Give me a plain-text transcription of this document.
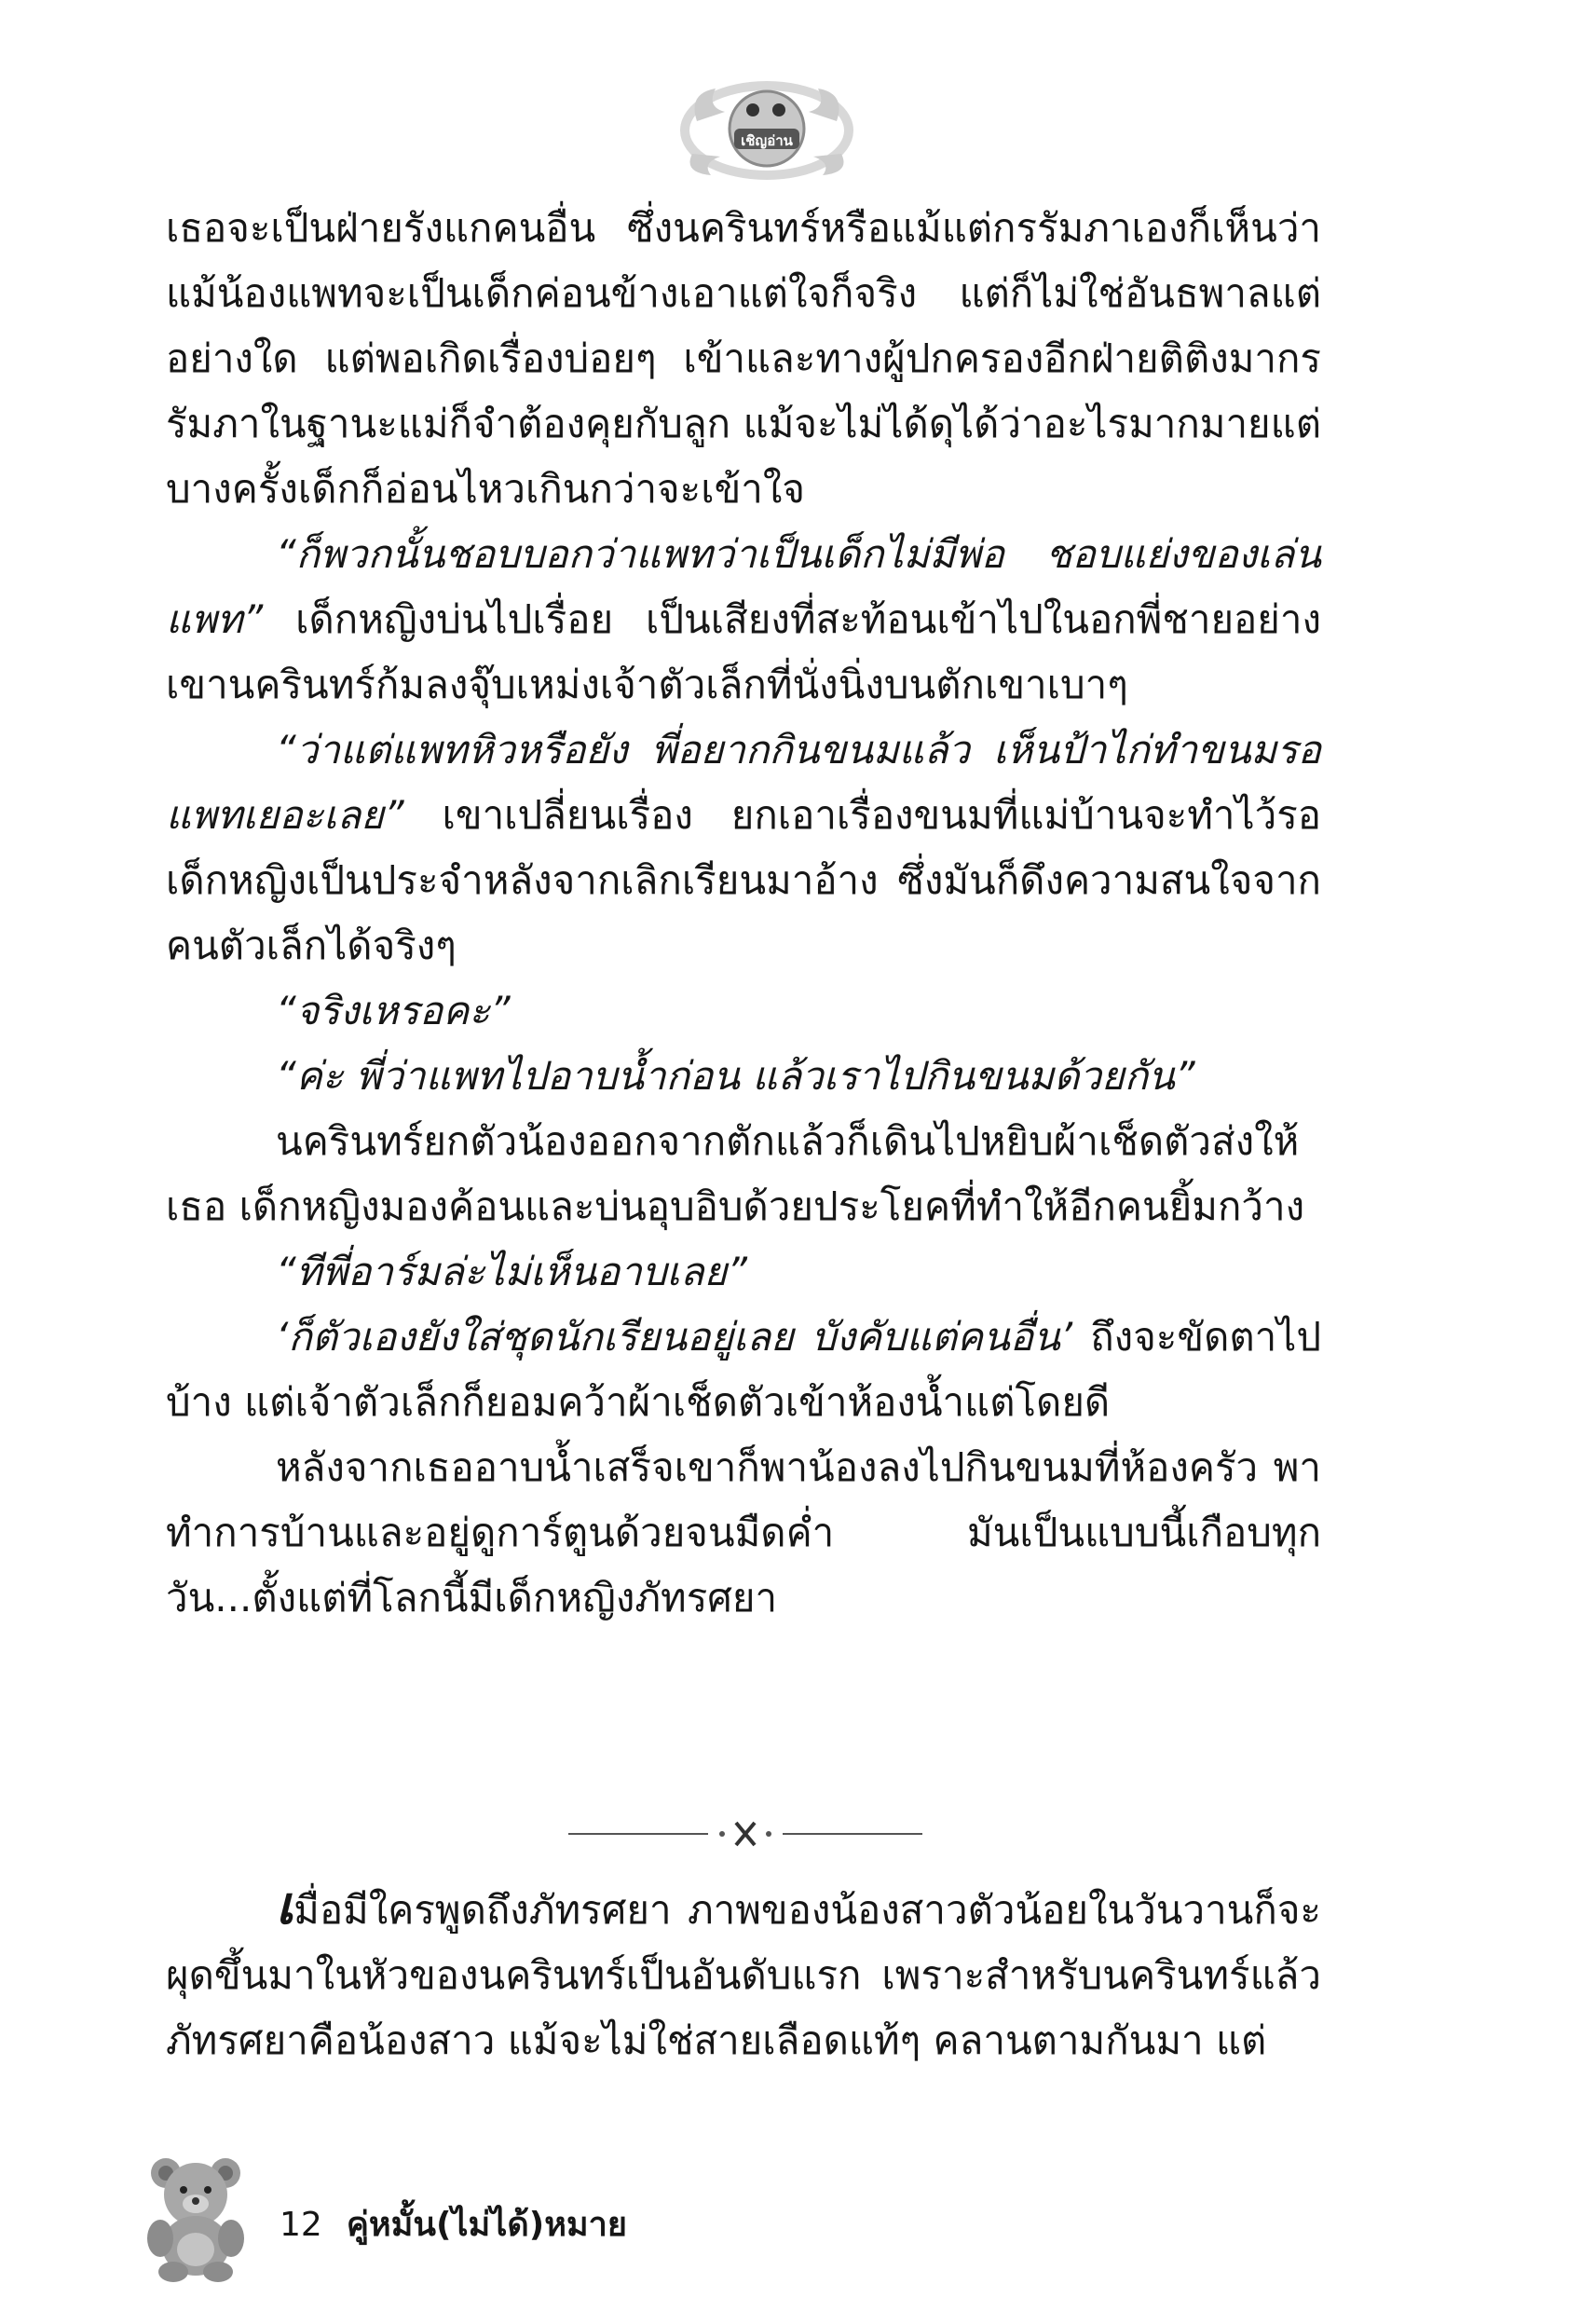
เชิญอ่าน

เธอจะเป็นฝ่ายรังแกคนอื่น ซึ่งนครินทร์หรือแม้แต่กรรัมภาเองก็เห็นว่าแม้น้องแพทจะเป็นเด็กค่อนข้างเอาแต่ใจก็จริง แต่ก็ไม่ใช่อันธพาลแต่อย่างใด แต่พอเกิดเรื่องบ่อยๆ เข้าและทางผู้ปกครองอีกฝ่ายติติงมากรรัมภาในฐานะแม่ก็จำต้องคุยกับลูก แม้จะไม่ได้ดุได้ว่าอะไรมากมายแต่บางครั้งเด็กก็อ่อนไหวเกินกว่าจะเข้าใจ

“ก็พวกนั้นชอบบอกว่าแพทว่าเป็นเด็กไม่มีพ่อ ชอบแย่งของเล่นแพท” เด็กหญิงบ่นไปเรื่อย เป็นเสียงที่สะท้อนเข้าไปในอกพี่ชายอย่างเขานครินทร์ก้มลงจุ๊บเหม่งเจ้าตัวเล็กที่นั่งนิ่งบนตักเขาเบาๆ

“ว่าแต่แพทหิวหรือยัง พี่อยากกินขนมแล้ว เห็นป้าไก่ทำขนมรอแพทเยอะเลย” เขาเปลี่ยนเรื่อง ยกเอาเรื่องขนมที่แม่บ้านจะทำไว้รอเด็กหญิงเป็นประจำหลังจากเลิกเรียนมาอ้าง ซึ่งมันก็ดึงความสนใจจากคนตัวเล็กได้จริงๆ

“จริงเหรอคะ”

“ค่ะ พี่ว่าแพทไปอาบน้ำก่อน แล้วเราไปกินขนมด้วยกัน”

นครินทร์ยกตัวน้องออกจากตักแล้วก็เดินไปหยิบผ้าเช็ดตัวส่งให้เธอ เด็กหญิงมองค้อนและบ่นอุบอิบด้วยประโยคที่ทำให้อีกคนยิ้มกว้าง

“ทีพี่อาร์มล่ะไม่เห็นอาบเลย”

‘ก็ตัวเองยังใส่ชุดนักเรียนอยู่เลย บังคับแต่คนอื่น’ ถึงจะขัดตาไปบ้าง แต่เจ้าตัวเล็กก็ยอมคว้าผ้าเช็ดตัวเข้าห้องน้ำแต่โดยดี

หลังจากเธออาบน้ำเสร็จเขาก็พาน้องลงไปกินขนมที่ห้องครัว พาทำการบ้านและอยู่ดูการ์ตูนด้วยจนมืดค่ำ มันเป็นแบบนี้เกือบทุกวัน...ตั้งแต่ที่โลกนี้มีเด็กหญิงภัทรศยา

เมื่อมีใครพูดถึงภัทรศยา ภาพของน้องสาวตัวน้อยในวันวานก็จะผุดขึ้นมาในหัวของนครินทร์เป็นอันดับแรก เพราะสำหรับนครินทร์แล้วภัทรศยาคือน้องสาว แม้จะไม่ใช่สายเลือดแท้ๆ คลานตามกันมา แต่

12 คู่หมั้น(ไม่ได้)หมาย
